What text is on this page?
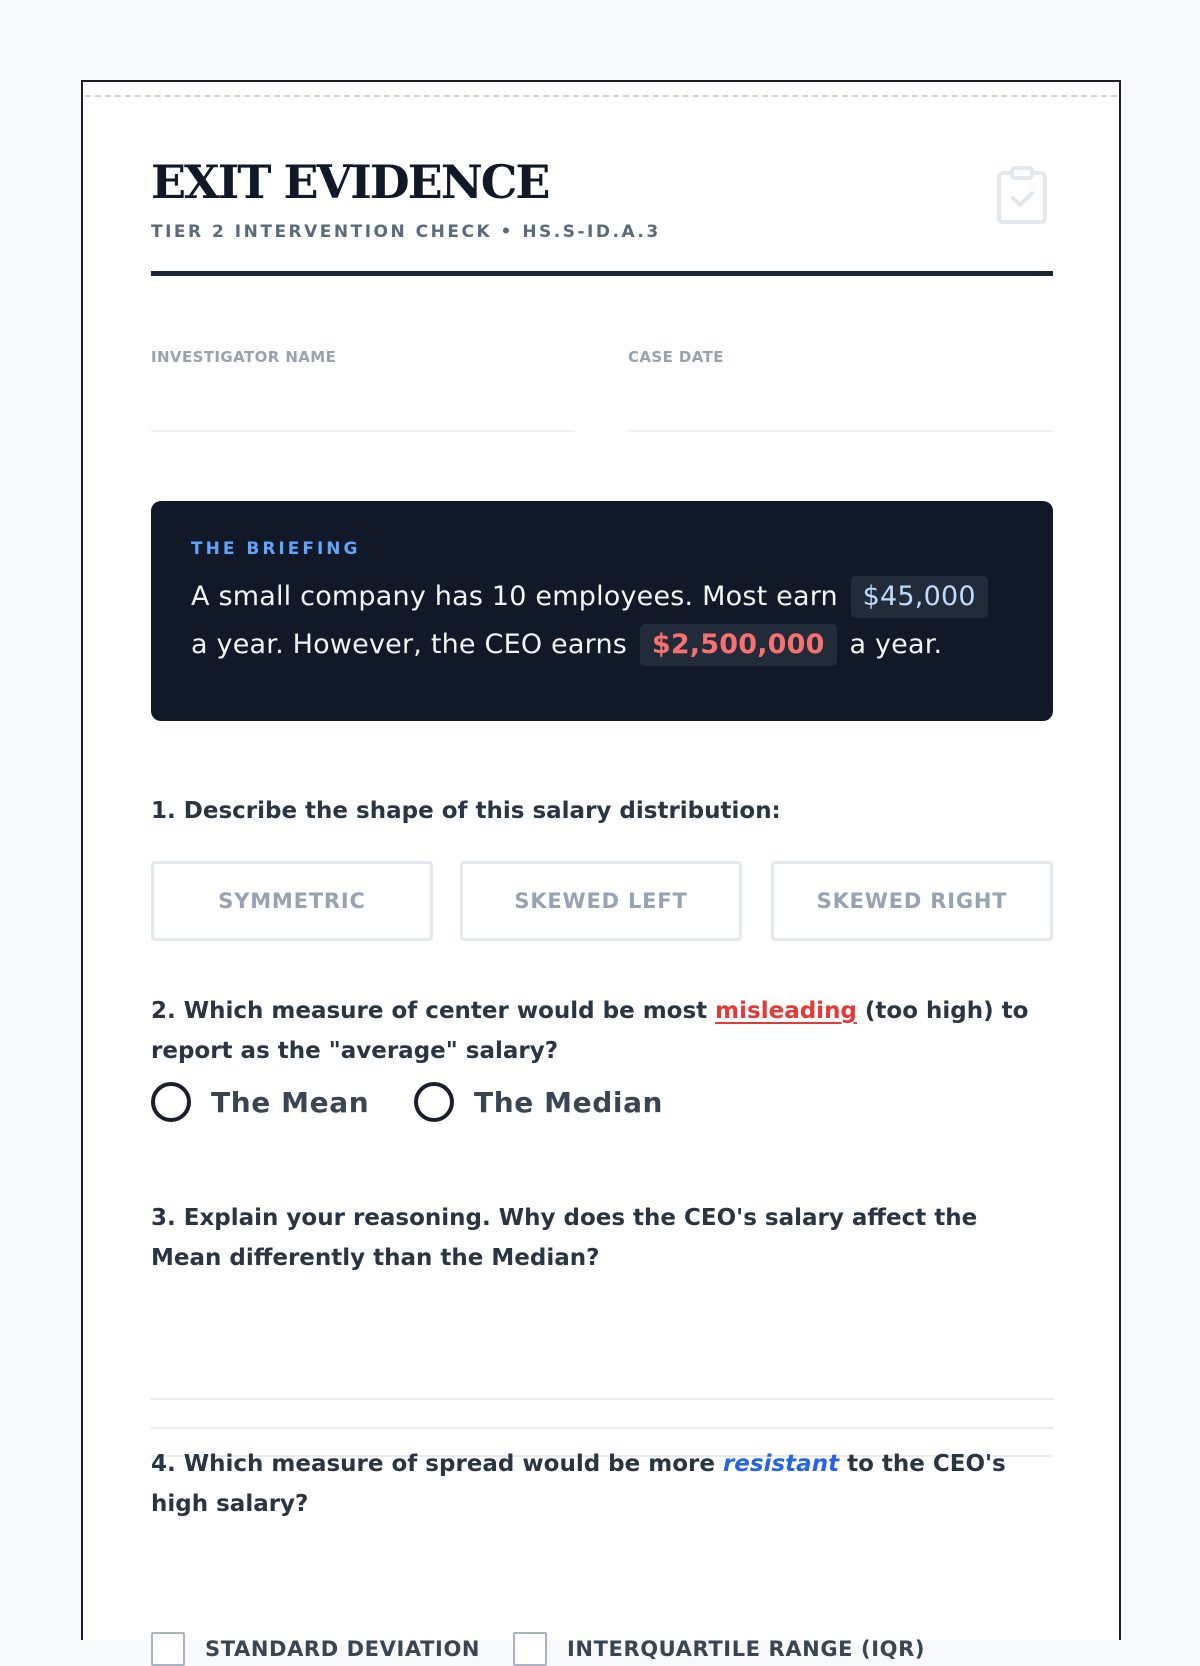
EXIT EVIDENCE
TIER 2 INTERVENTION CHECK • HS.S-ID.A.3
INVESTIGATOR NAME	CASE DATE
THE BRIEFING
A small company has 10 employees. Most earn $45,000 a year. However, the CEO earns $2,500,000 a year.
1. Describe the shape of this salary distribution:
SYMMETRIC	SKEWED LEFT	SKEWED RIGHT
2. Which measure of center would be most misleading (too high) to report as the "average" salary?
The Mean	The Median
3. Explain your reasoning. Why does the CEO's salary affect the Mean differently than the Median?
4. Which measure of spread would be more resistant to the CEO's high salary?
STANDARD DEVIATION	INTERQUARTILE RANGE (IQR)
